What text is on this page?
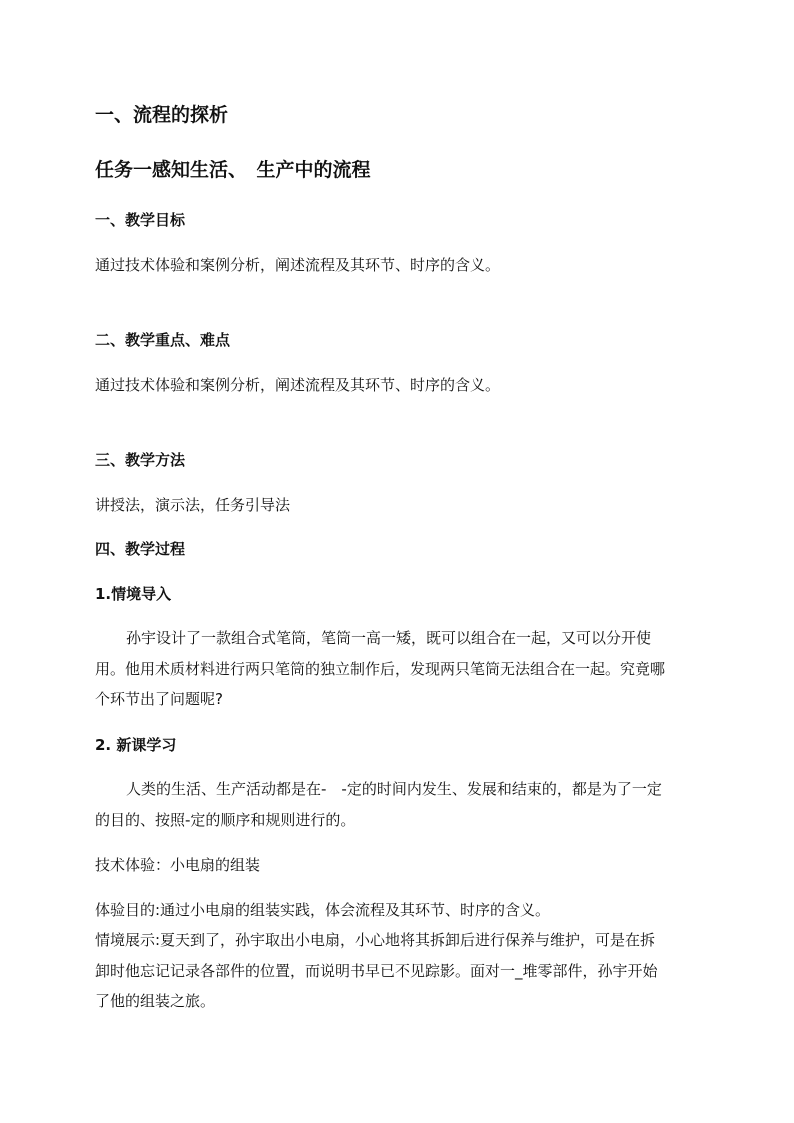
一、流程的探析
任务一感知生活、　生产中的流程
一、教学目标
通过技术体验和案例分析，阐述流程及其环节、时序的含义。
二、教学重点、难点
通过技术体验和案例分析，阐述流程及其环节、时序的含义。
三、教学方法
讲授法，演示法，任务引导法
四、教学过程
1.情境导入
孙宇设计了一款组合式笔筒，笔筒一高一矮，既可以组合在一起，又可以分开使
用。他用术质材料进行两只笔筒的独立制作后，发现两只笔筒无法组合在一起。究竟哪
个环节出了问题呢?
2. 新课学习
人类的生活、生产活动都是在-　-定的时间内发生、发展和结束的，都是为了一定
的目的、按照-定的顺序和规则进行的。
技术体验：小电扇的组装
体验目的:通过小电扇的组装实践，体会流程及其环节、时序的含义。
情境展示:夏天到了，孙宇取出小电扇，小心地将其拆卸后进行保养与维护，可是在拆
卸时他忘记记录各部件的位置，而说明书早已不见踪影。面对一_堆零部件，孙宇开始
了他的组装之旅。
